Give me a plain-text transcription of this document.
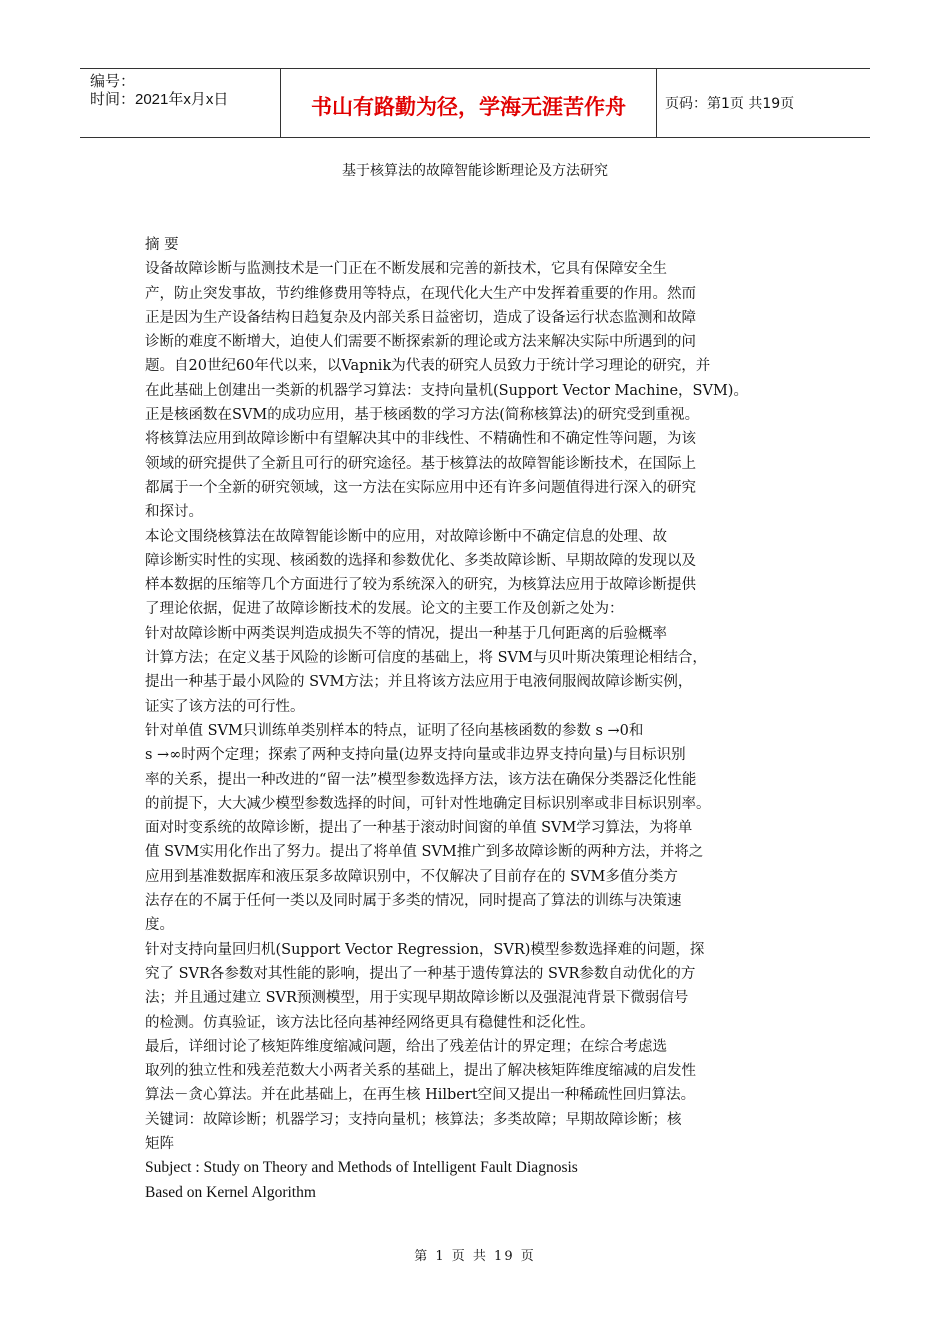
编号：
时间：2021年x月x日	书山有路勤为径，学海无涯苦作舟	页码：第1页 共19页
基于核算法的故障智能诊断理论及方法研究
摘 要
设备故障诊断与监测技术是一门正在不断发展和完善的新技术，它具有保障安全生
产，防止突发事故，节约维修费用等特点，在现代化大生产中发挥着重要的作用。然而
正是因为生产设备结构日趋复杂及内部关系日益密切，造成了设备运行状态监测和故障
诊断的难度不断增大，迫使人们需要不断探索新的理论或方法来解决实际中所遇到的问
题。自20世纪60年代以来，以Vapnik为代表的研究人员致力于统计学习理论的研究，并
在此基础上创建出一类新的机器学习算法：支持向量机(Support Vector Machine，SVM)。
正是核函数在SVM的成功应用，基于核函数的学习方法(简称核算法)的研究受到重视。
将核算法应用到故障诊断中有望解决其中的非线性、不精确性和不确定性等问题，为该
领域的研究提供了全新且可行的研究途径。基于核算法的故障智能诊断技术，在国际上
都属于一个全新的研究领域，这一方法在实际应用中还有许多问题值得进行深入的研究
和探讨。
本论文围绕核算法在故障智能诊断中的应用，对故障诊断中不确定信息的处理、故
障诊断实时性的实现、核函数的选择和参数优化、多类故障诊断、早期故障的发现以及
样本数据的压缩等几个方面进行了较为系统深入的研究，为核算法应用于故障诊断提供
了理论依据，促进了故障诊断技术的发展。论文的主要工作及创新之处为：
针对故障诊断中两类误判造成损失不等的情况，提出一种基于几何距离的后验概率
计算方法；在定义基于风险的诊断可信度的基础上，将 SVM与贝叶斯决策理论相结合，
提出一种基于最小风险的 SVM方法；并且将该方法应用于电液伺服阀故障诊断实例，
证实了该方法的可行性。
针对单值 SVM只训练单类别样本的特点，证明了径向基核函数的参数 s →0和
s →∞时两个定理；探索了两种支持向量(边界支持向量或非边界支持向量)与目标识别
率的关系，提出一种改进的“留一法”模型参数选择方法，该方法在确保分类器泛化性能
的前提下，大大减少模型参数选择的时间，可针对性地确定目标识别率或非目标识别率。
面对时变系统的故障诊断，提出了一种基于滚动时间窗的单值 SVM学习算法，为将单
值 SVM实用化作出了努力。提出了将单值 SVM推广到多故障诊断的两种方法，并将之
应用到基准数据库和液压泵多故障识别中，不仅解决了目前存在的 SVM多值分类方
法存在的不属于任何一类以及同时属于多类的情况，同时提高了算法的训练与决策速
度。
针对支持向量回归机(Support Vector Regression，SVR)模型参数选择难的问题，探
究了 SVR各参数对其性能的影响，提出了一种基于遗传算法的 SVR参数自动优化的方
法；并且通过建立 SVR预测模型，用于实现早期故障诊断以及强混沌背景下微弱信号
的检测。仿真验证，该方法比径向基神经网络更具有稳健性和泛化性。
最后，详细讨论了核矩阵维度缩减问题，给出了残差估计的界定理；在综合考虑选
取列的独立性和残差范数大小两者关系的基础上，提出了解决核矩阵维度缩减的启发性
算法－贪心算法。并在此基础上，在再生核 Hilbert空间又提出一种稀疏性回归算法。
关键词：故障诊断；机器学习；支持向量机；核算法；多类故障；早期故障诊断；核
矩阵
Subject : Study on Theory and Methods of Intelligent Fault Diagnosis
Based on Kernel Algorithm
第 1 页 共 19 页
